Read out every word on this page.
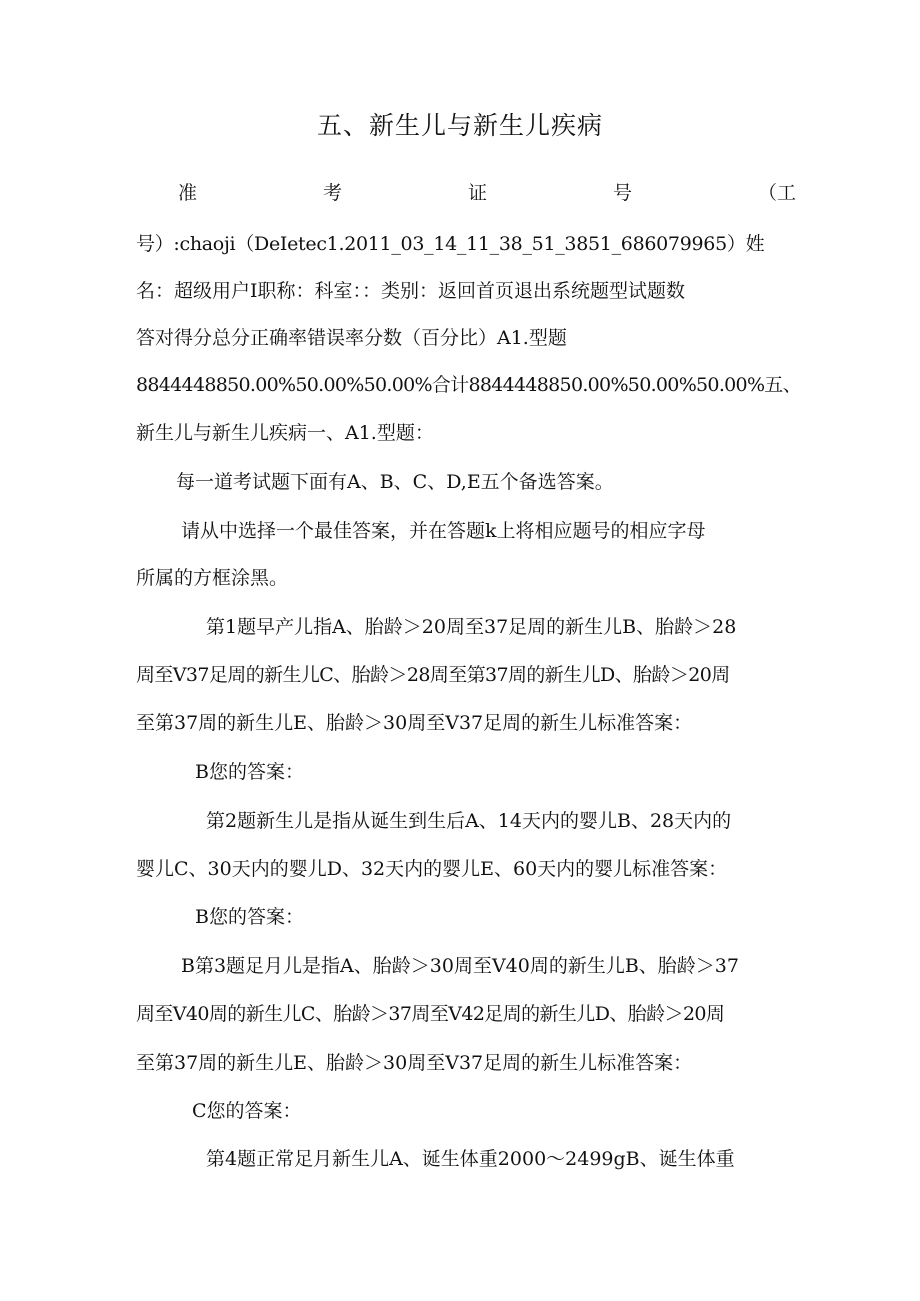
五、新生儿与新生儿疾病
准	考	证	号	（工
号）:chaoji（DeIetec1.2011_03_14_11_38_51_3851_686079965）姓
名：超级用户I职称：科室：：类别：返回首页退出系统题型试题数
答对得分总分正确率错误率分数（百分比）A1.型题
8844448850.00%50.00%50.00%合计8844448850.00%50.00%50.00%五、
新生儿与新生儿疾病一、A1.型题：
每一道考试题下面有A、B、C、D,E五个备选答案。
请从中选择一个最佳答案，并在答题k上将相应题号的相应字母
所属的方框涂黑。
第1题早产儿指A、胎龄＞20周至37足周的新生儿B、胎龄＞28
周至V37足周的新生儿C、胎龄＞28周至第37周的新生儿D、胎龄＞20周
至第37周的新生儿E、胎龄＞30周至V37足周的新生儿标准答案：
B您的答案：
第2题新生儿是指从诞生到生后A、14天内的婴儿B、28天内的
婴儿C、30天内的婴儿D、32天内的婴儿E、60天内的婴儿标准答案：
B您的答案：
B第3题足月儿是指A、胎龄＞30周至V40周的新生儿B、胎龄＞37
周至V40周的新生儿C、胎龄＞37周至V42足周的新生儿D、胎龄＞20周
至第37周的新生儿E、胎龄＞30周至V37足周的新生儿标准答案：
C您的答案：
第4题正常足月新生儿A、诞生体重2000～2499gB、诞生体重
